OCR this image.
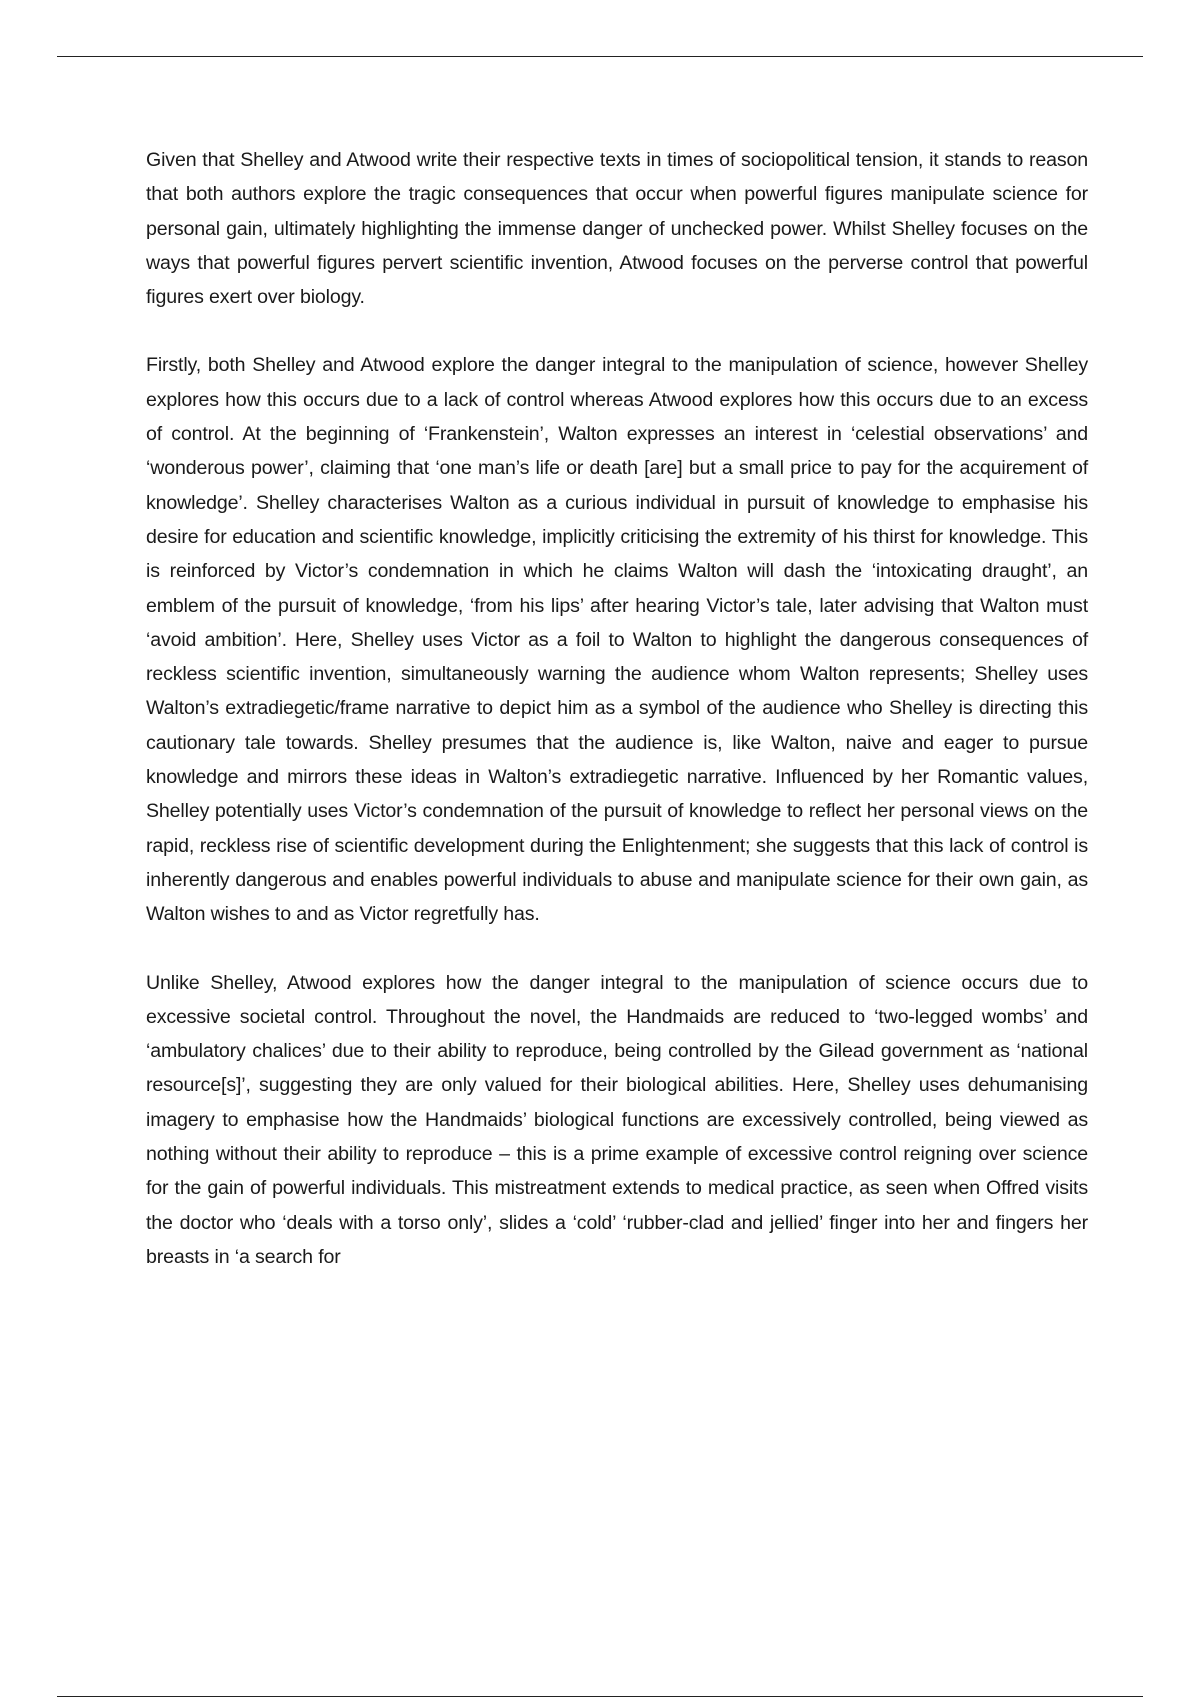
Given that Shelley and Atwood write their respective texts in times of sociopolitical tension, it stands to reason that both authors explore the tragic consequences that occur when powerful figures manipulate science for personal gain, ultimately highlighting the immense danger of unchecked power. Whilst Shelley focuses on the ways that powerful figures pervert scientific invention, Atwood focuses on the perverse control that powerful figures exert over biology.

Firstly, both Shelley and Atwood explore the danger integral to the manipulation of science, however Shelley explores how this occurs due to a lack of control whereas Atwood explores how this occurs due to an excess of control. At the beginning of ‘Frankenstein’, Walton expresses an interest in ‘celestial observations’ and ‘wonderous power’, claiming that ‘one man’s life or death [are] but a small price to pay for the acquirement of knowledge’. Shelley characterises Walton as a curious individual in pursuit of knowledge to emphasise his desire for education and scientific knowledge, implicitly criticising the extremity of his thirst for knowledge. This is reinforced by Victor’s condemnation in which he claims Walton will dash the ‘intoxicating draught’, an emblem of the pursuit of knowledge, ‘from his lips’ after hearing Victor’s tale, later advising that Walton must ‘avoid ambition’. Here, Shelley uses Victor as a foil to Walton to highlight the dangerous consequences of reckless scientific invention, simultaneously warning the audience whom Walton represents; Shelley uses Walton’s extradiegetic/frame narrative to depict him as a symbol of the audience who Shelley is directing this cautionary tale towards. Shelley presumes that the audience is, like Walton, naive and eager to pursue knowledge and mirrors these ideas in Walton’s extradiegetic narrative. Influenced by her Romantic values, Shelley potentially uses Victor’s condemnation of the pursuit of knowledge to reflect her personal views on the rapid, reckless rise of scientific development during the Enlightenment; she suggests that this lack of control is inherently dangerous and enables powerful individuals to abuse and manipulate science for their own gain, as Walton wishes to and as Victor regretfully has.

Unlike Shelley, Atwood explores how the danger integral to the manipulation of science occurs due to excessive societal control. Throughout the novel, the Handmaids are reduced to ‘two-legged wombs’ and ‘ambulatory chalices’ due to their ability to reproduce, being controlled by the Gilead government as ‘national resource[s]’, suggesting they are only valued for their biological abilities. Here, Shelley uses dehumanising imagery to emphasise how the Handmaids’ biological functions are excessively controlled, being viewed as nothing without their ability to reproduce – this is a prime example of excessive control reigning over science for the gain of powerful individuals. This mistreatment extends to medical practice, as seen when Offred visits the doctor who ‘deals with a torso only’, slides a ‘cold’ ‘rubber-clad and jellied’ finger into her and fingers her breasts in ‘a search for
